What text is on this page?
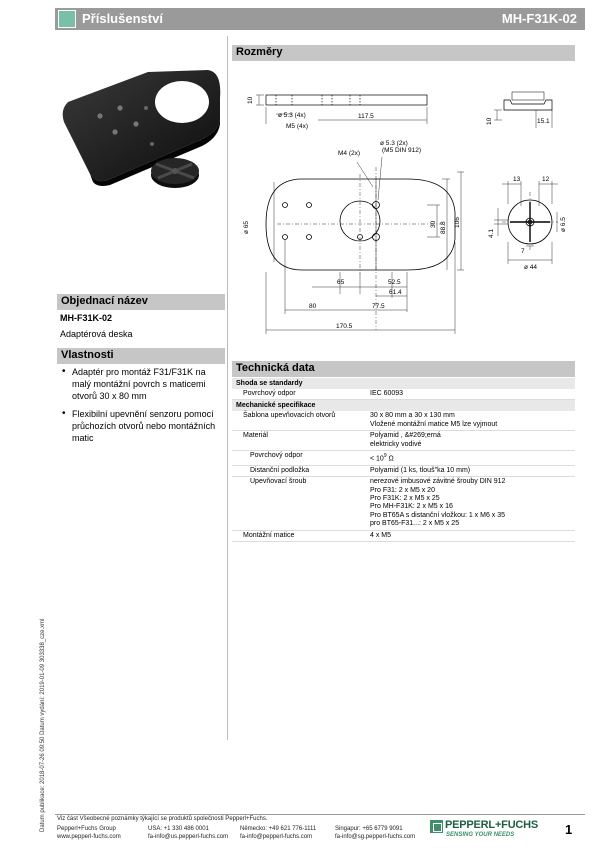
Příslušenství	MH-F31K-02
Objednací název
MH-F31K-02
Adaptérová deska
Vlastnosti
• Adaptér pro montáž F31/F31K na malý montážní povrch s maticemi otvorů 30 x 80 mm
• Flexibilní upevnění senzoru pomocí průchozích otvorů nebo montážních matic
Rozměry
10
ø 5.3 (4x)
M5 (4x)
117.5
10	15.1
M4 (2x)
ø 5.3 (2x)
(M5 DIN 912)
ø 65	30 88.8 106
65	52.5
61.4
80	77.5
170.5
13	12
4.1
7
ø 6.5
ø 44
Technická data
Shoda se standardy
Povrchový odpor	IEC 60093
Mechanické specifikace
Šablona upevňovacích otvorů	30 x 80 mm a 30 x 130 mm
Vložené montážní matice M5 lze vyjmout
Materiál	Polyamid , &#269;erná
elektricky vodivé
Povrchový odpor	< $10^9$ Ω
Distanční podložka	Polyamid (1 ks, tlouš"ka 10 mm)
Upevňovací šroub	nerezové imbusové závitné šrouby DIN 912
Pro F31: 2 x M5 x 20
Pro F31K: 2 x M5 x 25
Pro MH-F31K: 2 x M5 x 16
Pro BT65A s distanční vložkou: 1 x M6 x 35
pro BT65-F31...: 2 x M5 x 25
Montážní matice	4 x M5
Datum publikace: 2018-07-26 09:50 Datum vydání: 2019-01-09 303338_cze.xml Viz část Všeobecné poznámky týkající se produktů společnosti Pepperl+Fuchs.
Pepperl+Fuchs Group
www.pepperl-fuchs.com
USA: +1 330 486 0001
fa-info@us.pepperl-fuchs.com
Německo: +49 621 776-1111
fa-info@pepperl-fuchs.com
Singapur: +65 6779 9091
fa-info@sg.pepperl-fuchs.com
PEPPERL+FUCHS
SENSING YOUR NEEDS	1
